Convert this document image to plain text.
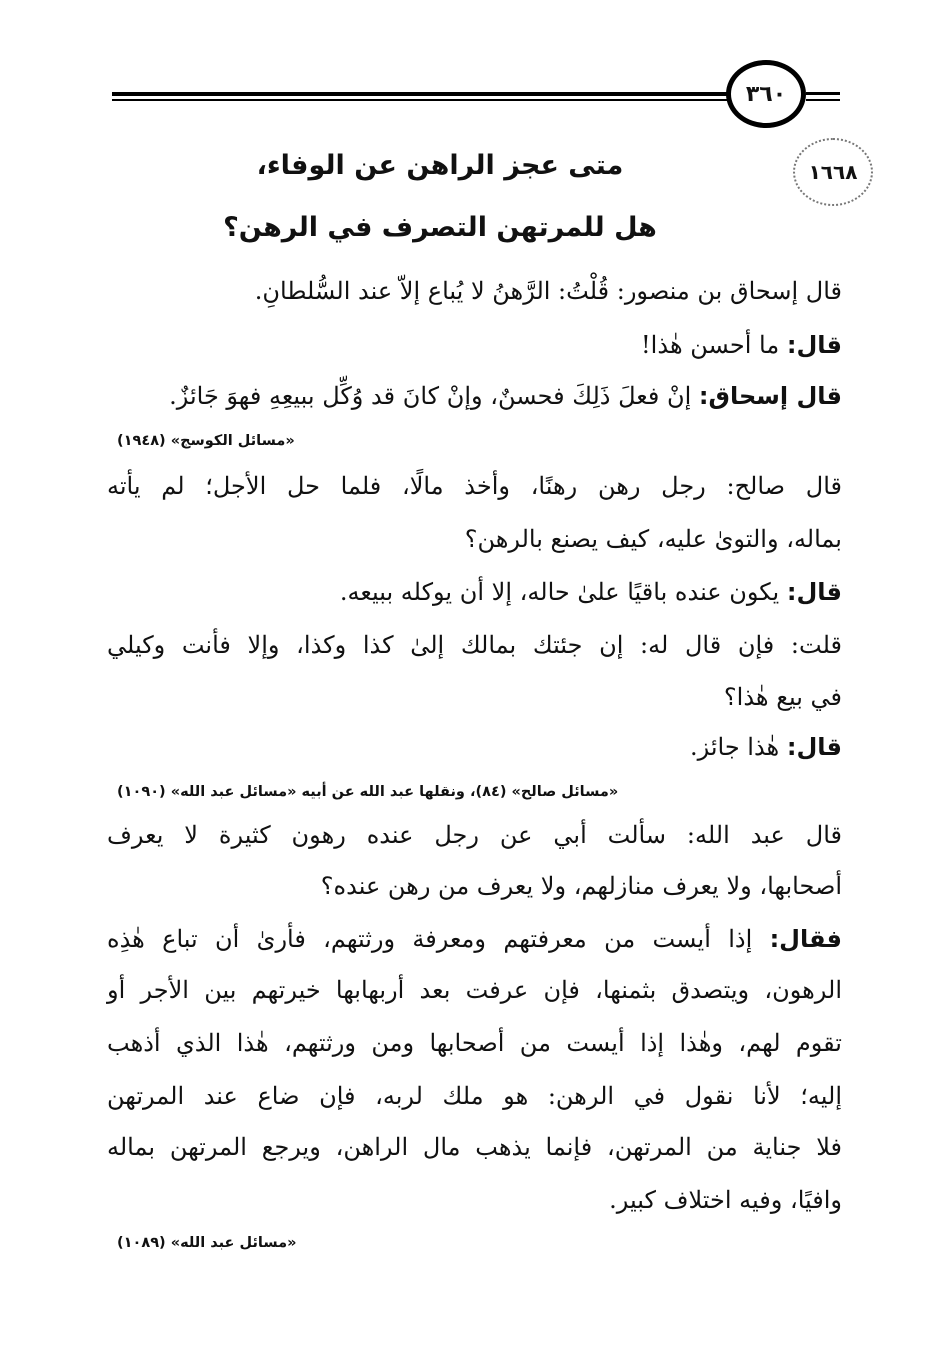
٣٦٠
١٦٦٨
متى عجز الراهن عن الوفاء،
هل للمرتهن التصرف في الرهن؟
قال إسحاق بن منصور: قُلْتُ: الرَّهنُ لا يُباع إلاّ عند السُّلطانِ.
قال: ما أحسن هٰذا!
قال إسحاق: إنْ فعلَ ذَلِكَ فحسنٌ، وإنْ كانَ قد وُكِّل ببيعِهِ فهوَ جَائزٌ.
«مسائل الكوسج» (١٩٤٨)
قال صالح: رجل رهن رهنًا، وأخذ مالًا، فلما حل الأجل؛ لم يأته
بماله، والتوىٰ عليه، كيف يصنع بالرهن؟
قال: يكون عنده باقيًا علىٰ حاله، إلا أن يوكله ببيعه.
قلت: فإن قال له: إن جئتك بمالك إلىٰ كذا وكذا، وإلا فأنت وكيلي
في بيع هٰذا؟
قال: هٰذا جائز.
«مسائل صالح» (٨٤)، ونقلها عبد الله عن أبيه «مسائل عبد الله» (١٠٩٠)
قال عبد الله: سألت أبي عن رجل عنده رهون كثيرة لا يعرف
أصحابها، ولا يعرف منازلهم، ولا يعرف من رهن عنده؟
فقال: إذا أيست من معرفتهم ومعرفة ورثتهم، فأرىٰ أن تباع هٰذِه
الرهون، ويتصدق بثمنها، فإن عرفت بعد أربهابها خيرتهم بين الأجر أو
تقوم لهم، وهٰذا إذا أيست من أصحابها ومن ورثتهم، هٰذا الذي أذهب
إليه؛ لأنا نقول في الرهن: هو ملك لربه، فإن ضاع عند المرتهن
فلا جناية من المرتهن، فإنما يذهب مال الراهن، ويرجع المرتهن بماله
وافيًا، وفيه اختلاف كبير.
«مسائل عبد الله» (١٠٨٩)
